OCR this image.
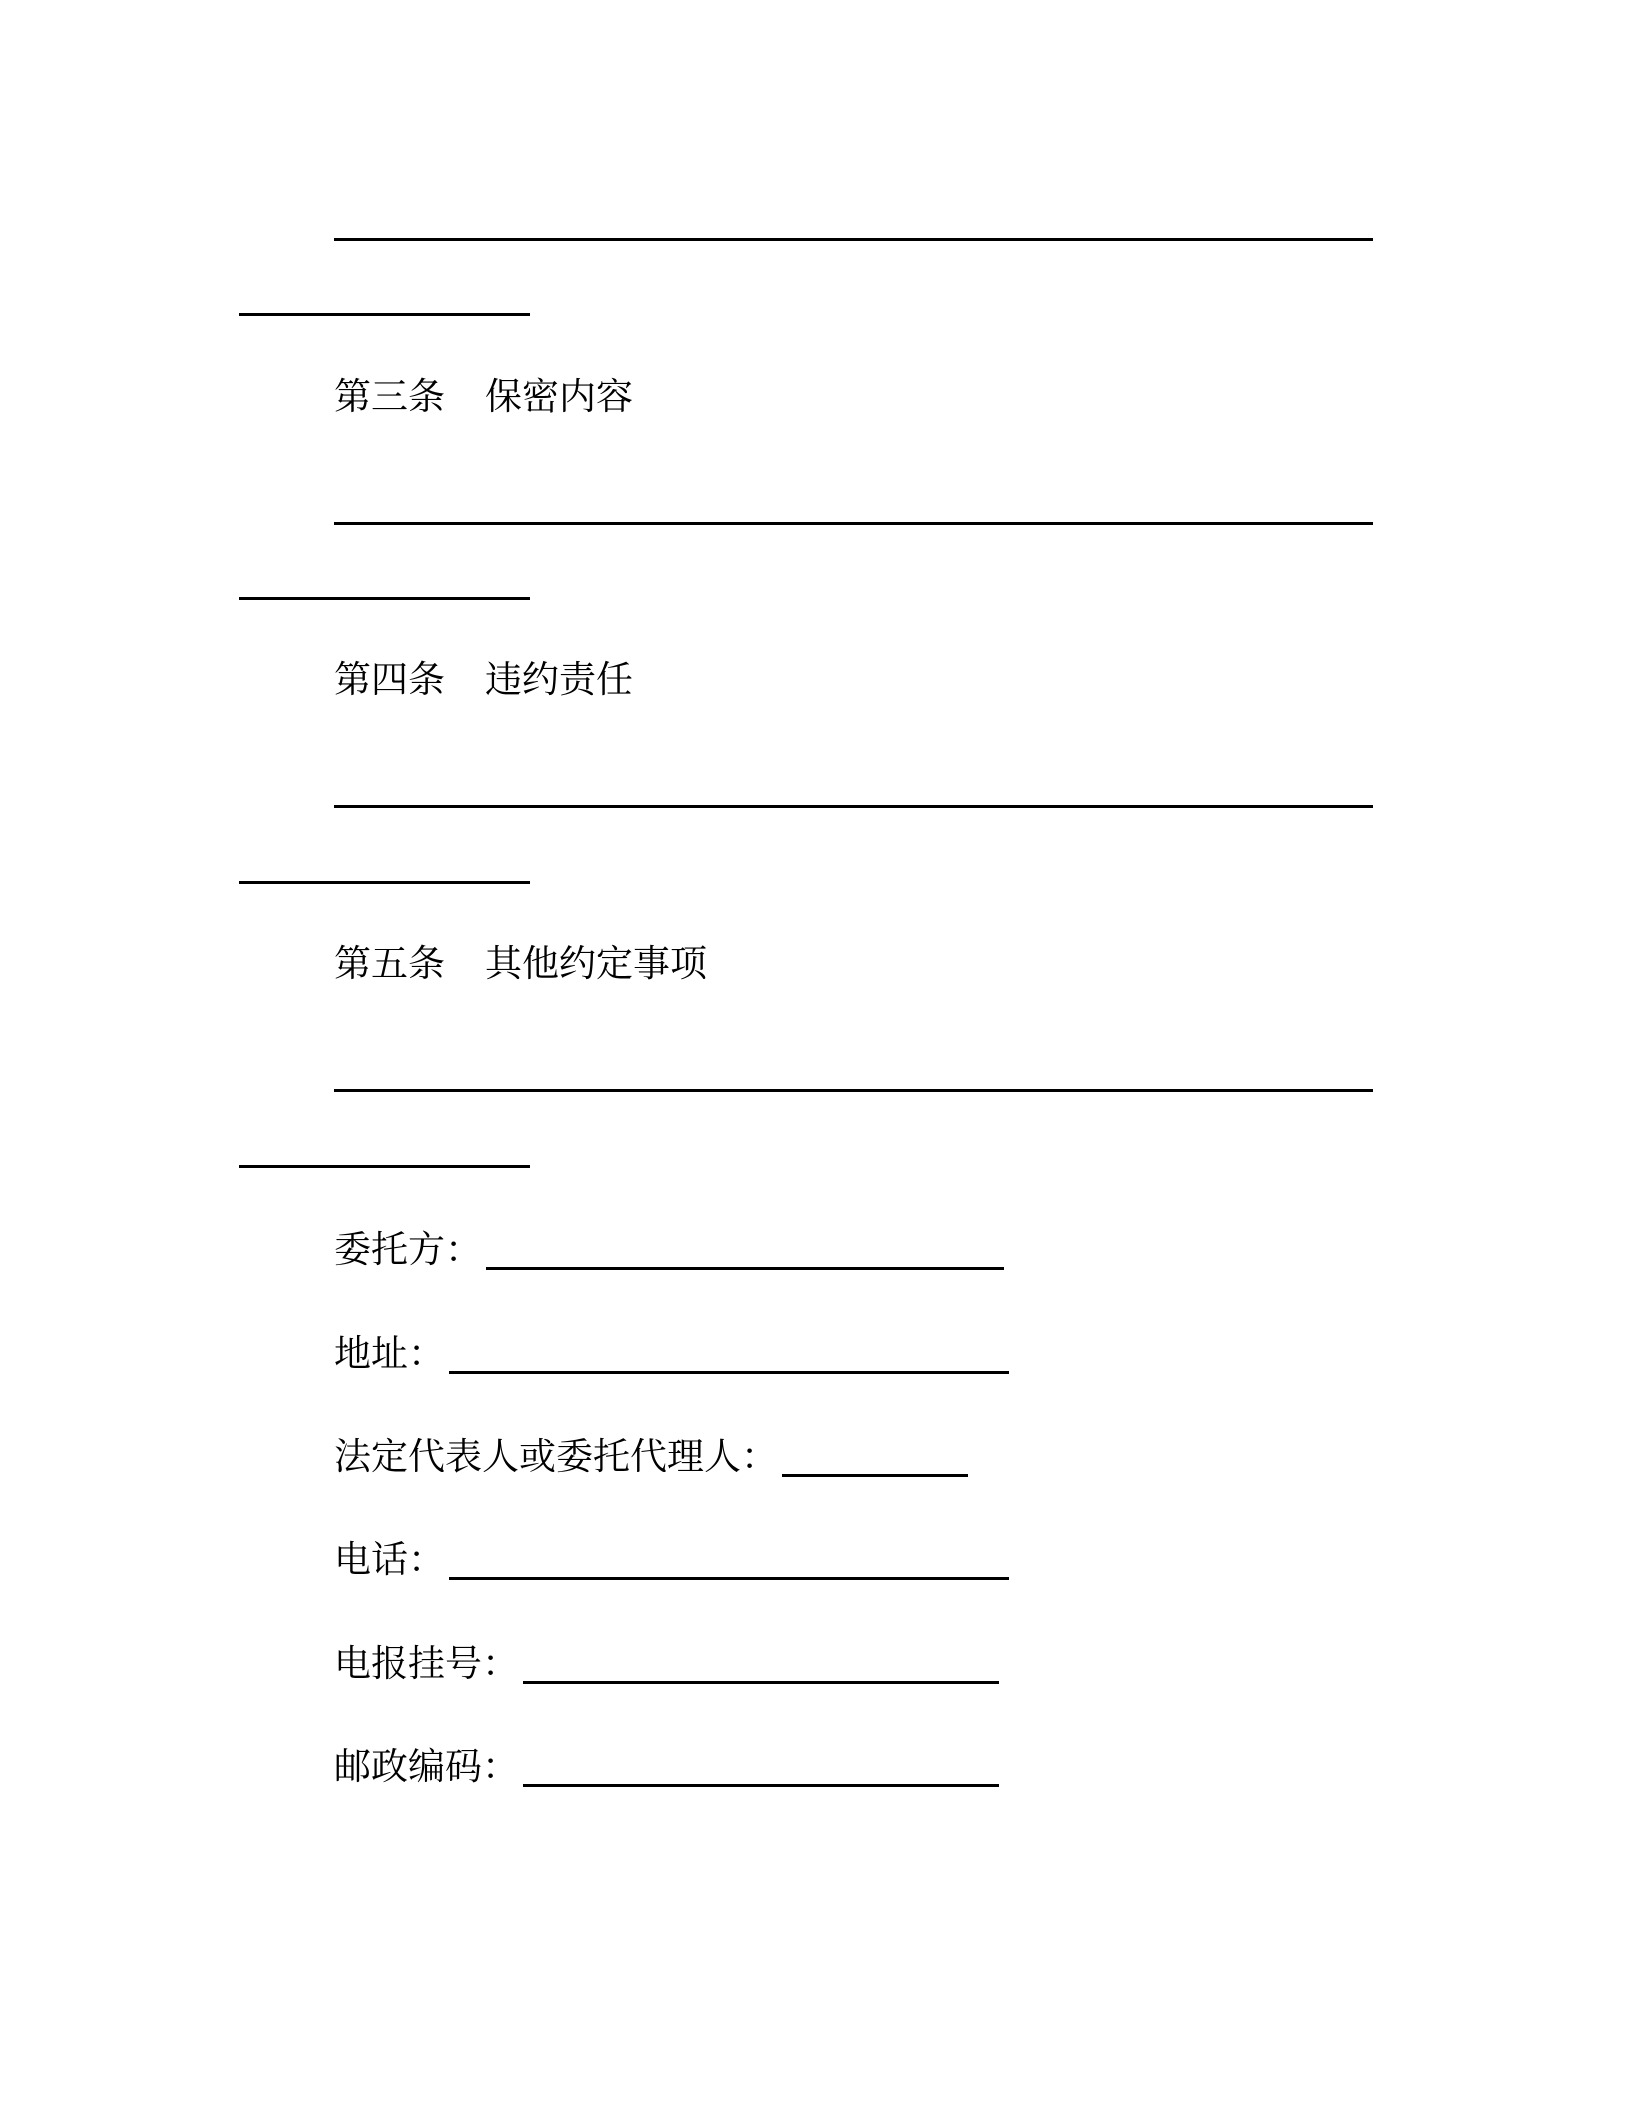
第三条 保密内容
第四条 违约责任
第五条 其他约定事项
委托方：
地址：
法定代表人或委托代理人：
电话：
电报挂号：
邮政编码：
